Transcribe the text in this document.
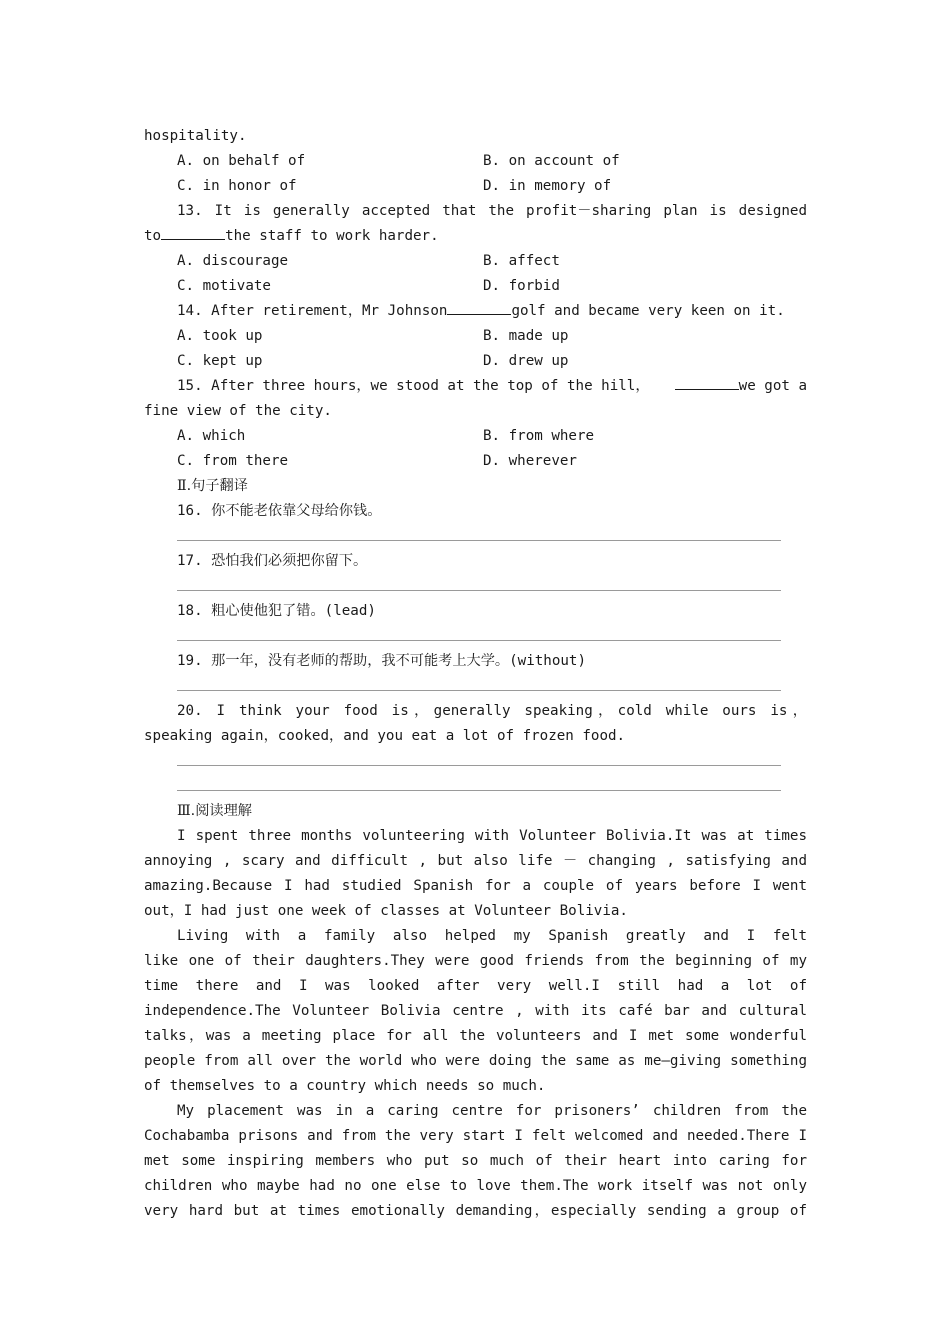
hospitality.
A. on behalf of	B. on account of
C. in honor of	D. in memory of
13. It is generally accepted that the profit－sharing plan is designed
to	the staff to work harder.
A. discourage	B. affect
C. motivate	D. forbid
14. After retirement，Mr Johnson	golf and became very keen on it.
A. took up	B. made up
C. kept up	D. drew up
15. After three hours，we stood at the top of the hill，	we got a
fine view of the city.
A. which	B. from where
C. from there	D. wherever
Ⅱ.句子翻译
16. 你不能老依靠父母给你钱。
17. 恐怕我们必须把你留下。
18. 粗心使他犯了错。(lead)
19. 那一年，没有老师的帮助，我不可能考上大学。(without)
20. I think your food is，generally speaking，cold while ours is，
speaking again，cooked，and you eat a lot of frozen food.
Ⅲ.阅读理解
I spent three months volunteering with Volunteer Bolivia.It was at times
annoying , scary and difficult , but also life － changing , satisfying and
amazing.Because I had studied Spanish for a couple of years before I went
out，I had just one week of classes at Volunteer Bolivia.
Living with a family also helped my Spanish greatly and I felt
like one of their daughters.They were good friends from the beginning of my
time there and I was looked after very well.I still had a lot of
independence.The Volunteer Bolivia centre , with its café bar and cultural
talks，was a meeting place for all the volunteers and I met some wonderful
people from all over the world who were doing the same as me—giving something
of themselves to a country which needs so much.
My placement was in a caring centre for prisoners’ children from the
Cochabamba prisons and from the very start I felt welcomed and needed.There I
met some inspiring members who put so much of their heart into caring for
children who maybe had no one else to love them.The work itself was not only
very hard but at times emotionally demanding，especially sending a group of
